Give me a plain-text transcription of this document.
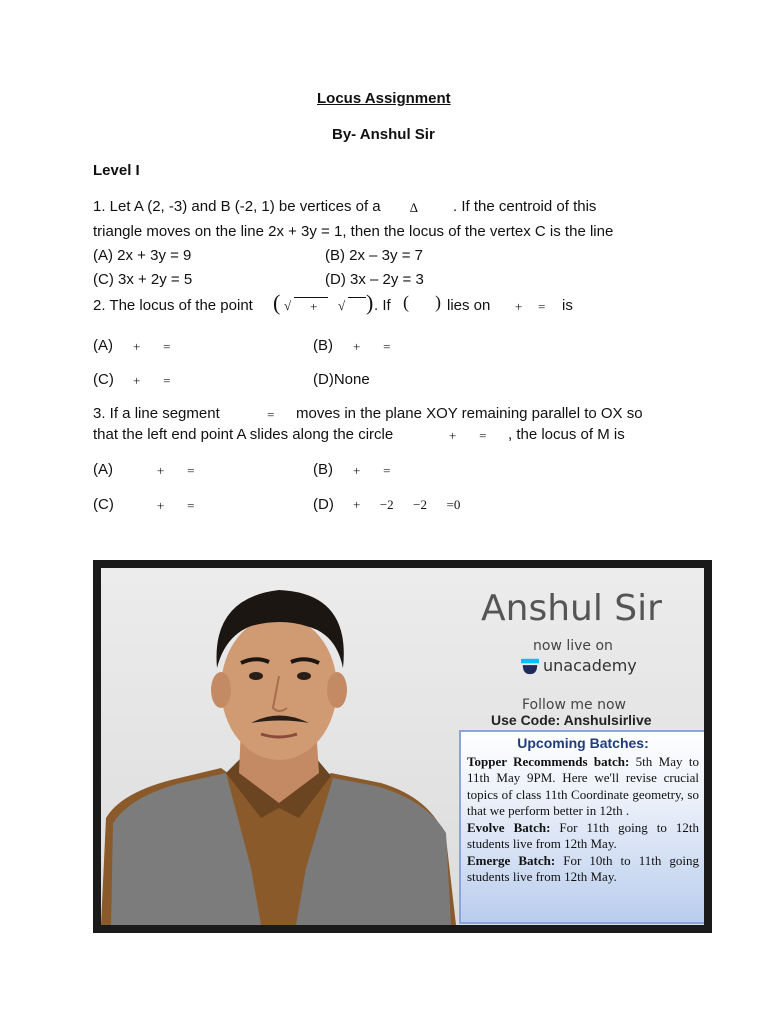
Locus Assignment
By- Anshul Sir
Level I
1. Let A (2, -3) and B (-2, 1) be vertices of a ∆ . If the centroid of this
triangle moves on the line 2x + 3y = 1, then the locus of the vertex C is the line
(A) 2x + 3y = 9	(B) 2x – 3y = 7
(C) 3x + 2y = 5	(D) 3x – 2y = 3
2. The locus of the point ( √ + √ ) . If ( ) lies on + = is
(A) +       =	(B) +       =
(C) +       =	(D)None
3. If a line segment	= moves in the plane XOY remaining parallel to OX so
that the left end point A slides along the circle	+       = , the locus of M is
(A)	+       =	(B) +       =
(C)	+       =	(D) +      −2      −2      =0
Anshul Sir
now live on
unacademy
Follow me now
Use Code: Anshulsirlive
Upcoming Batches:

Topper Recommends batch: 5th May to 11th May 9PM. Here we'll revise crucial topics of class 11th Coordinate geometry, so that we perform better in 12th .

Evolve Batch: For 11th going to 12th students live from 12th May.

Emerge Batch: For 10th to 11th going students live from 12th May.
